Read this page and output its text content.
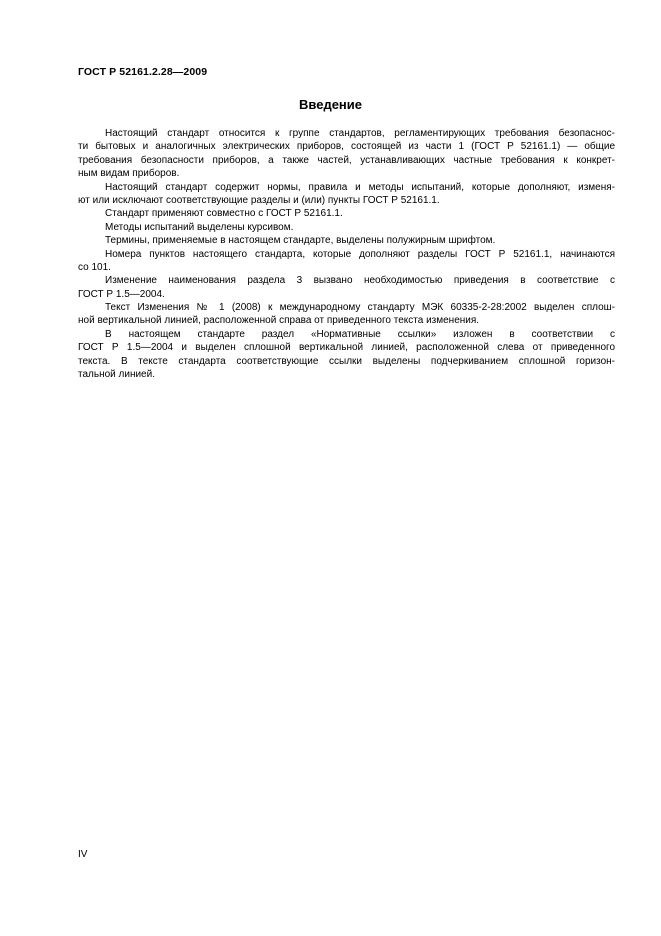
ГОСТ Р 52161.2.28—2009
Введение
Настоящий стандарт относится к группе стандартов, регламентирующих требования безопаснос-
ти бытовых и аналогичных электрических приборов, состоящей из части 1 (ГОСТ Р 52161.1) — общие
требования безопасности приборов, а также частей, устанавливающих частные требования к конкрет-
ным видам приборов.
Настоящий стандарт содержит нормы, правила и методы испытаний, которые дополняют, изменя-
ют или исключают соответствующие разделы и (или) пункты ГОСТ Р 52161.1.
Стандарт применяют совместно с ГОСТ Р 52161.1.
Методы испытаний выделены курсивом.
Термины, применяемые в настоящем стандарте, выделены полужирным шрифтом.
Номера пунктов настоящего стандарта, которые дополняют разделы ГОСТ Р 52161.1, начинаются
со 101.
Изменение наименования раздела 3 вызвано необходимостью приведения в соответствие с
ГОСТ Р 1.5—2004.
Текст Изменения № 1 (2008) к международному стандарту МЭК 60335-2-28:2002 выделен сплош-
ной вертикальной линией, расположенной справа от приведенного текста изменения.
В настоящем стандарте раздел «Нормативные ссылки» изложен в соответствии с
ГОСТ Р 1.5—2004 и выделен сплошной вертикальной линией, расположенной слева от приведенного
текста. В тексте стандарта соответствующие ссылки выделены подчеркиванием сплошной горизон-
тальной линией.
IV
